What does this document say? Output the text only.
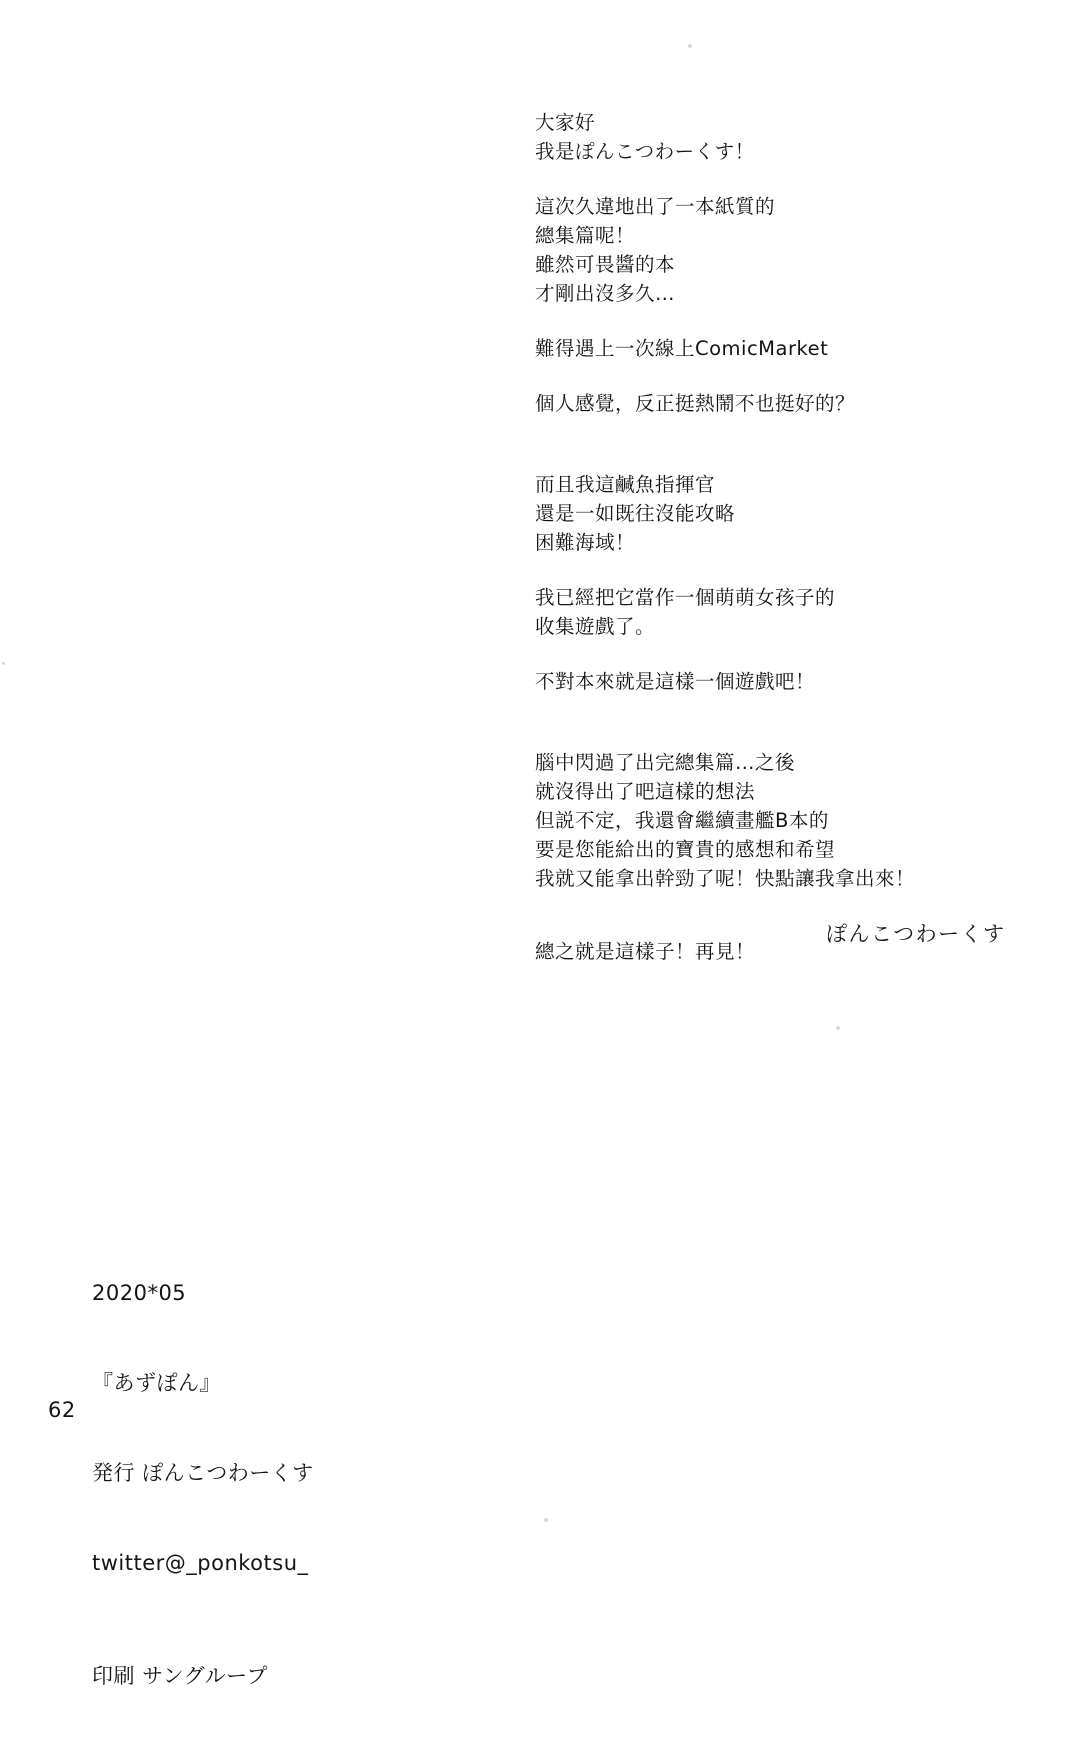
大家好
我是ぽんこつわーくす！
這次久違地出了一本紙質的
總集篇呢！
雖然可畏醬的本
才剛出沒多久…
難得遇上一次線上ComicMarket
個人感覺，反正挺熱鬧不也挺好的？
而且我這鹹魚指揮官
還是一如既往沒能攻略
困難海域！
我已經把它當作一個萌萌女孩子的
收集遊戲了。
不對本來就是這樣一個遊戲吧！
腦中閃過了出完總集篇…之後
就沒得出了吧這樣的想法
但説不定，我還會繼續畫艦B本的
要是您能給出的寶貴的感想和希望
我就又能拿出幹勁了呢！快點讓我拿出來！
總之就是這樣子！再見！
ぽんこつわーくす

2020*05

『あずぽん』

発行 ぽんこつわーくす

twitter@_ponkotsu_

印刷 サングループ

62
